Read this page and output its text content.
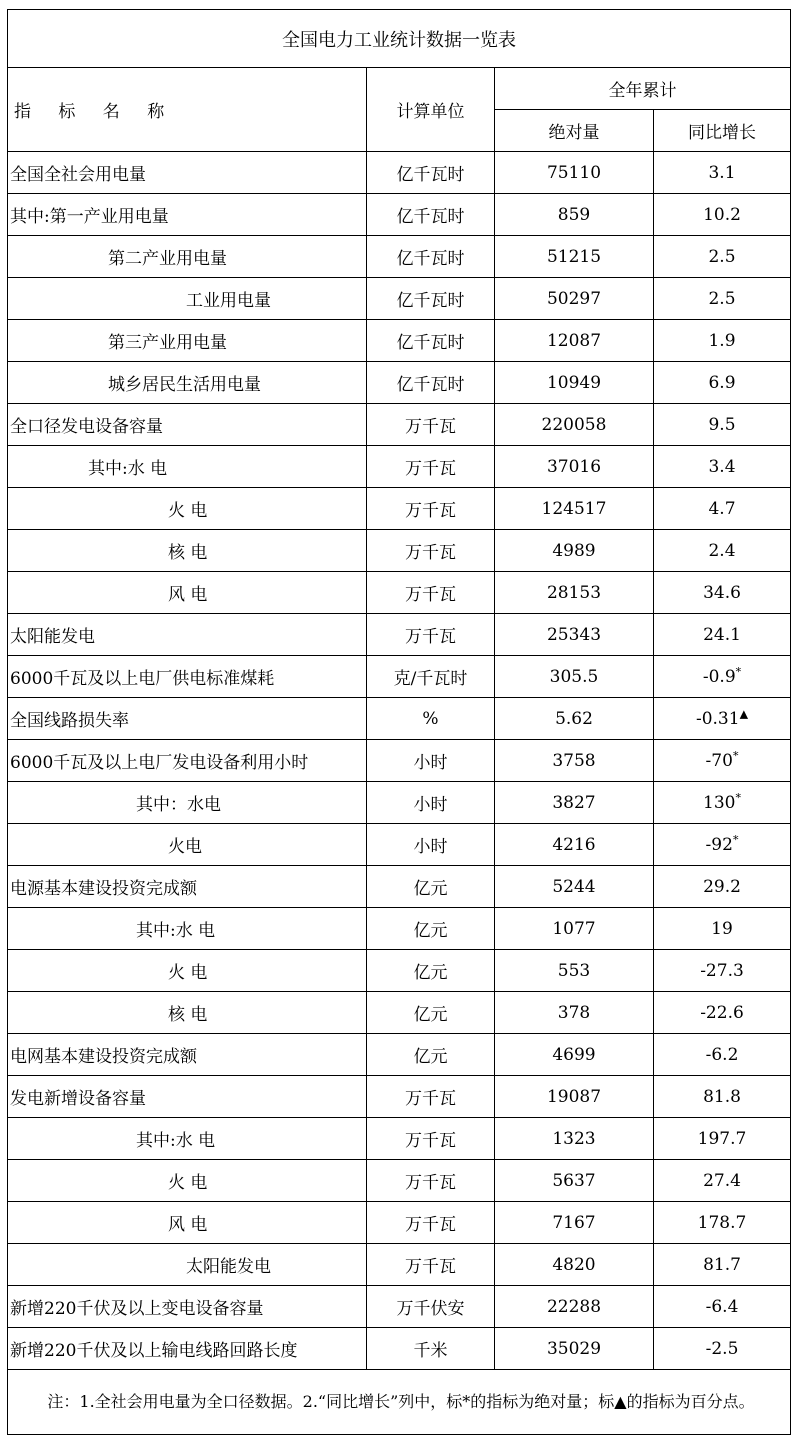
全国电力工业统计数据一览表			
指 标 名 称	计算单位	全年累计	
		绝对量	同比增长
全国全社会用电量	亿千瓦时	75110	3.1
其中:第一产业用电量	亿千瓦时	859	10.2
第二产业用电量	亿千瓦时	51215	2.5
工业用电量	亿千瓦时	50297	2.5
第三产业用电量	亿千瓦时	12087	1.9
城乡居民生活用电量	亿千瓦时	10949	6.9
全口径发电设备容量	万千瓦	220058	9.5
其中:水 电	万千瓦	37016	3.4
火 电	万千瓦	124517	4.7
核 电	万千瓦	4989	2.4
风 电	万千瓦	28153	34.6
太阳能发电	万千瓦	25343	24.1
6000千瓦及以上电厂供电标准煤耗	克/千瓦时	305.5	-0.9*
全国线路损失率	%	5.62	-0.31▲
6000千瓦及以上电厂发电设备利用小时	小时	3758	-70*
其中：水电	小时	3827	130*
火电	小时	4216	-92*
电源基本建设投资完成额	亿元	5244	29.2
其中:水 电	亿元	1077	19
火 电	亿元	553	-27.3
核 电	亿元	378	-22.6
电网基本建设投资完成额	亿元	4699	-6.2
发电新增设备容量	万千瓦	19087	81.8
其中:水 电	万千瓦	1323	197.7
火 电	万千瓦	5637	27.4
风 电	万千瓦	7167	178.7
太阳能发电	万千瓦	4820	81.7
新增220千伏及以上变电设备容量	万千伏安	22288	-6.4
新增220千伏及以上输电线路回路长度	千米	35029	-2.5
注：1.全社会用电量为全口径数据。2.“同比增长”列中，标*的指标为绝对量；标▲的指标为百分点。			
